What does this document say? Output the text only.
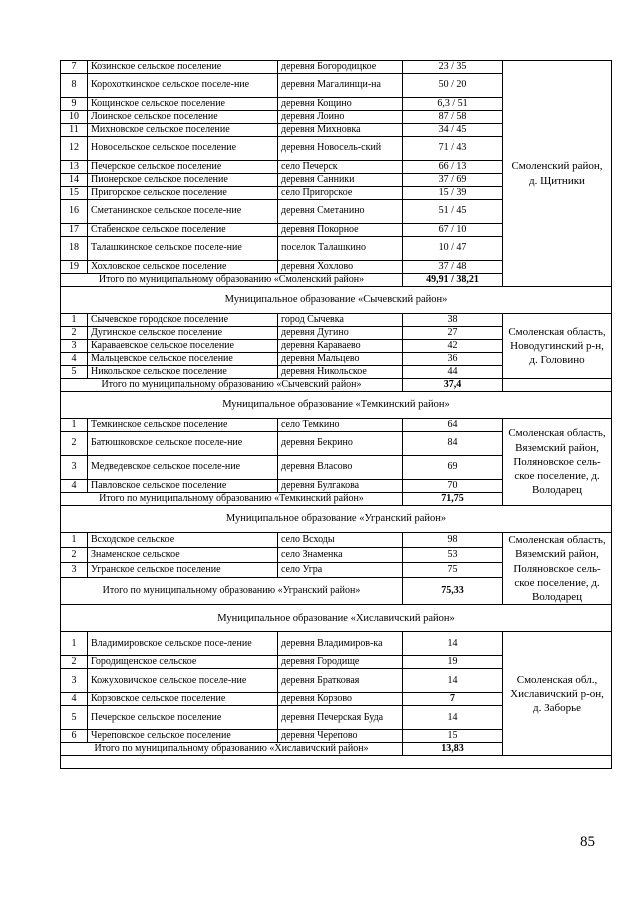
7	Козинское сельское поселение	деревня Богородицкое	23 / 35	Смоленский район, д. Щитники
8	Корохоткинское сельское поселе-ние	деревня Магалинщи-на	50 / 20	
9	Кощинское сельское поселение	деревня Кощино	6,3 / 51	
10	Лоинское сельское поселение	деревня Лоино	87 / 58	
11	Михновское сельское поселение	деревня Михновка	34 / 45	
12	Новосельское сельское поселение	деревня Новосель-ский	71 / 43	
13	Печерское сельское поселение	село Печерск	66 / 13	
14	Пионерское сельское поселение	деревня Санники	37 / 69	
15	Пригорское сельское поселение	село Пригорское	15 / 39	
16	Сметанинское сельское поселе-ние	деревня Сметанино	51 / 45	
17	Стабенское сельское поселение	деревня Покорное	67 / 10	
18	Талашкинское сельское поселе-ние	поселок Талашкино	10 / 47	
19	Хохловское сельское поселение	деревня Хохлово	37 / 48	
Итого по муниципальному образованию «Смоленский район»			49,91 / 38,21	
Муниципальное образование «Сычевский район»				
1	Сычевское городское поселение	город Сычевка	38	Смоленская область, Новодугинский р-н, д. Головино
2	Дугинское сельское поселение	деревня Дугино	27	
3	Караваевское сельское поселение	деревня Караваево	42	
4	Мальцевское сельское поселение	деревня Мальцево	36	
5	Никольское сельское поселение	деревня Никольское	44	
Итого по муниципальному образованию «Сычевский район»			37,4	
Муниципальное образование «Темкинский район»				
1	Темкинское сельское поселение	село Темкино	64	Смоленская область, Вяземский район, Поляновское сель-ское поселение, д. Володарец
2	Батюшковское сельское поселе-ние	деревня Бекрино	84	
3	Медведевское сельское поселе-ние	деревня Власово	69	
4	Павловское сельское поселение	деревня Булгакова	70	
Итого по муниципальному образованию «Темкинский район»			71,75	
Муниципальное образование «Угранский район»				
1	Всходское сельское	село Всходы	98	Смоленская область, Вяземский район, Поляновское сель-ское поселение, д. Володарец
2	Знаменское сельское	село Знаменка	53	
3	Угранское сельское поселение	село Угра	75	
Итого по муниципальному образованию «Угранский район»			75,33	
Муниципальное образование «Хиславичский район»				
1	Владимировское сельское посе-ление	деревня Владимиров-ка	14	Смоленская обл., Хиславичский р-он, д. Заборье
2	Городищенское сельское	деревня Городище	19	
3	Кожуховичское сельское поселе-ние	деревня Братковая	14	
4	Корзовское сельское поселение	деревня Корзово	7	
5	Печерское сельское поселение	деревня Печерская Буда	14	
6	Череповское сельское поселение	деревня Черепово	15	
Итого по муниципальному образованию «Хиславичский район»			13,83	

85
